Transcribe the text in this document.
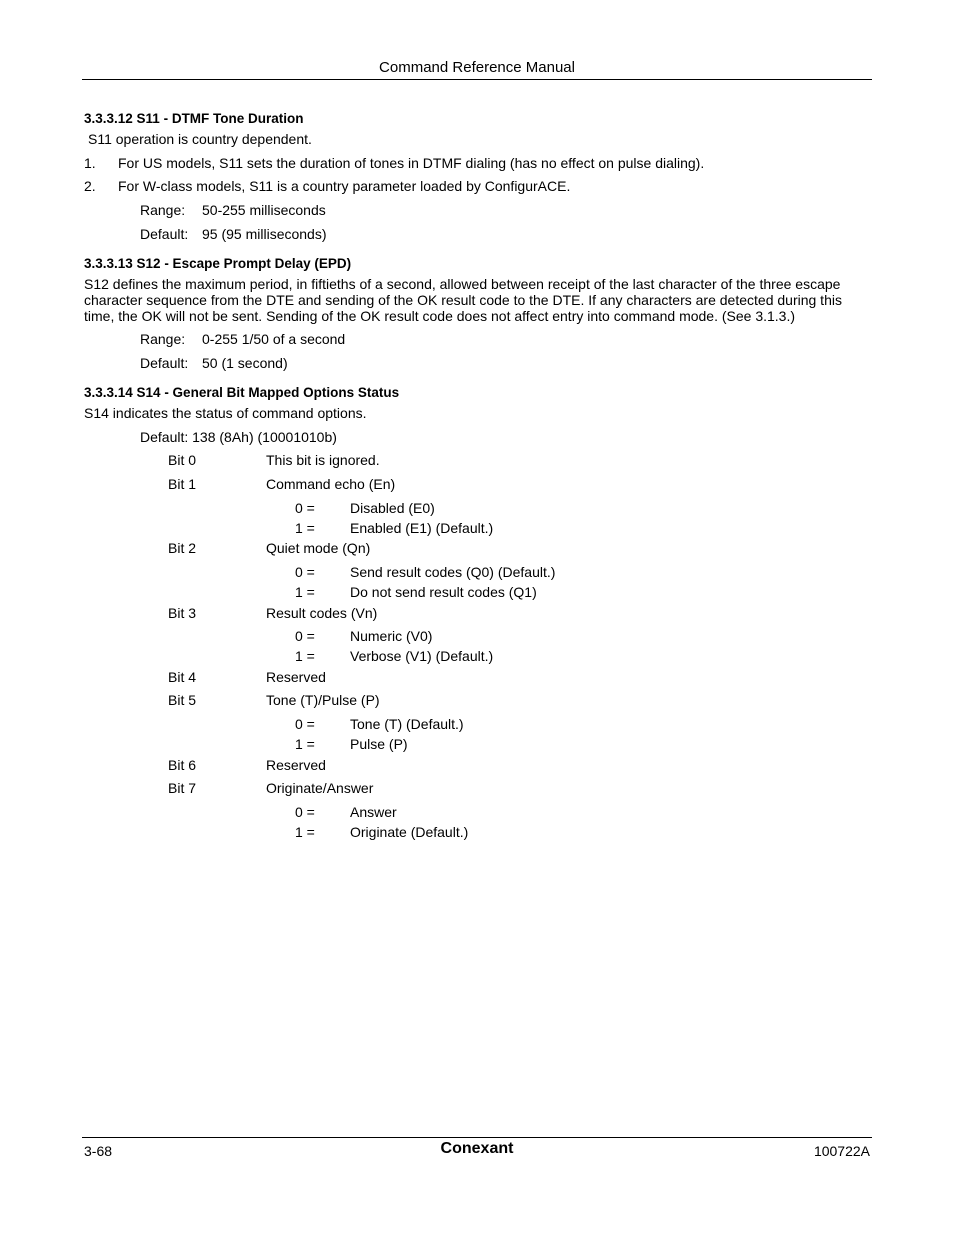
Command Reference Manual
3.3.3.12 S11 - DTMF Tone Duration
S11 operation is country dependent.
1. For US models, S11 sets the duration of tones in DTMF dialing (has no effect on pulse dialing).
2. For W-class models, S11 is a country parameter loaded by ConfigurACE.
Range: 50-255 milliseconds
Default: 95 (95 milliseconds)
3.3.3.13 S12 - Escape Prompt Delay (EPD)
S12 defines the maximum period, in fiftieths of a second, allowed between receipt of the last character of the three escape
character sequence from the DTE and sending of the OK result code to the DTE. If any characters are detected during this
time, the OK will not be sent. Sending of the OK result code does not affect entry into command mode. (See 3.1.3.)
Range: 0-255 1/50 of a second
Default: 50 (1 second)
3.3.3.14 S14 - General Bit Mapped Options Status
S14 indicates the status of command options.
Default: 138 (8Ah) (10001010b)
Bit 0	This bit is ignored.
Bit 1	Command echo (En)
0 =	Disabled (E0)
1 =	Enabled (E1) (Default.)
Bit 2	Quiet mode (Qn)
0 =	Send result codes (Q0) (Default.)
1 =	Do not send result codes (Q1)
Bit 3	Result codes (Vn)
0 =	Numeric (V0)
1 =	Verbose (V1) (Default.)
Bit 4	Reserved
Bit 5	Tone (T)/Pulse (P)
0 =	Tone (T) (Default.)
1 =	Pulse (P)
Bit 6	Reserved
Bit 7	Originate/Answer
0 =	Answer
1 =	Originate (Default.)
3-68	Conexant	100722A
